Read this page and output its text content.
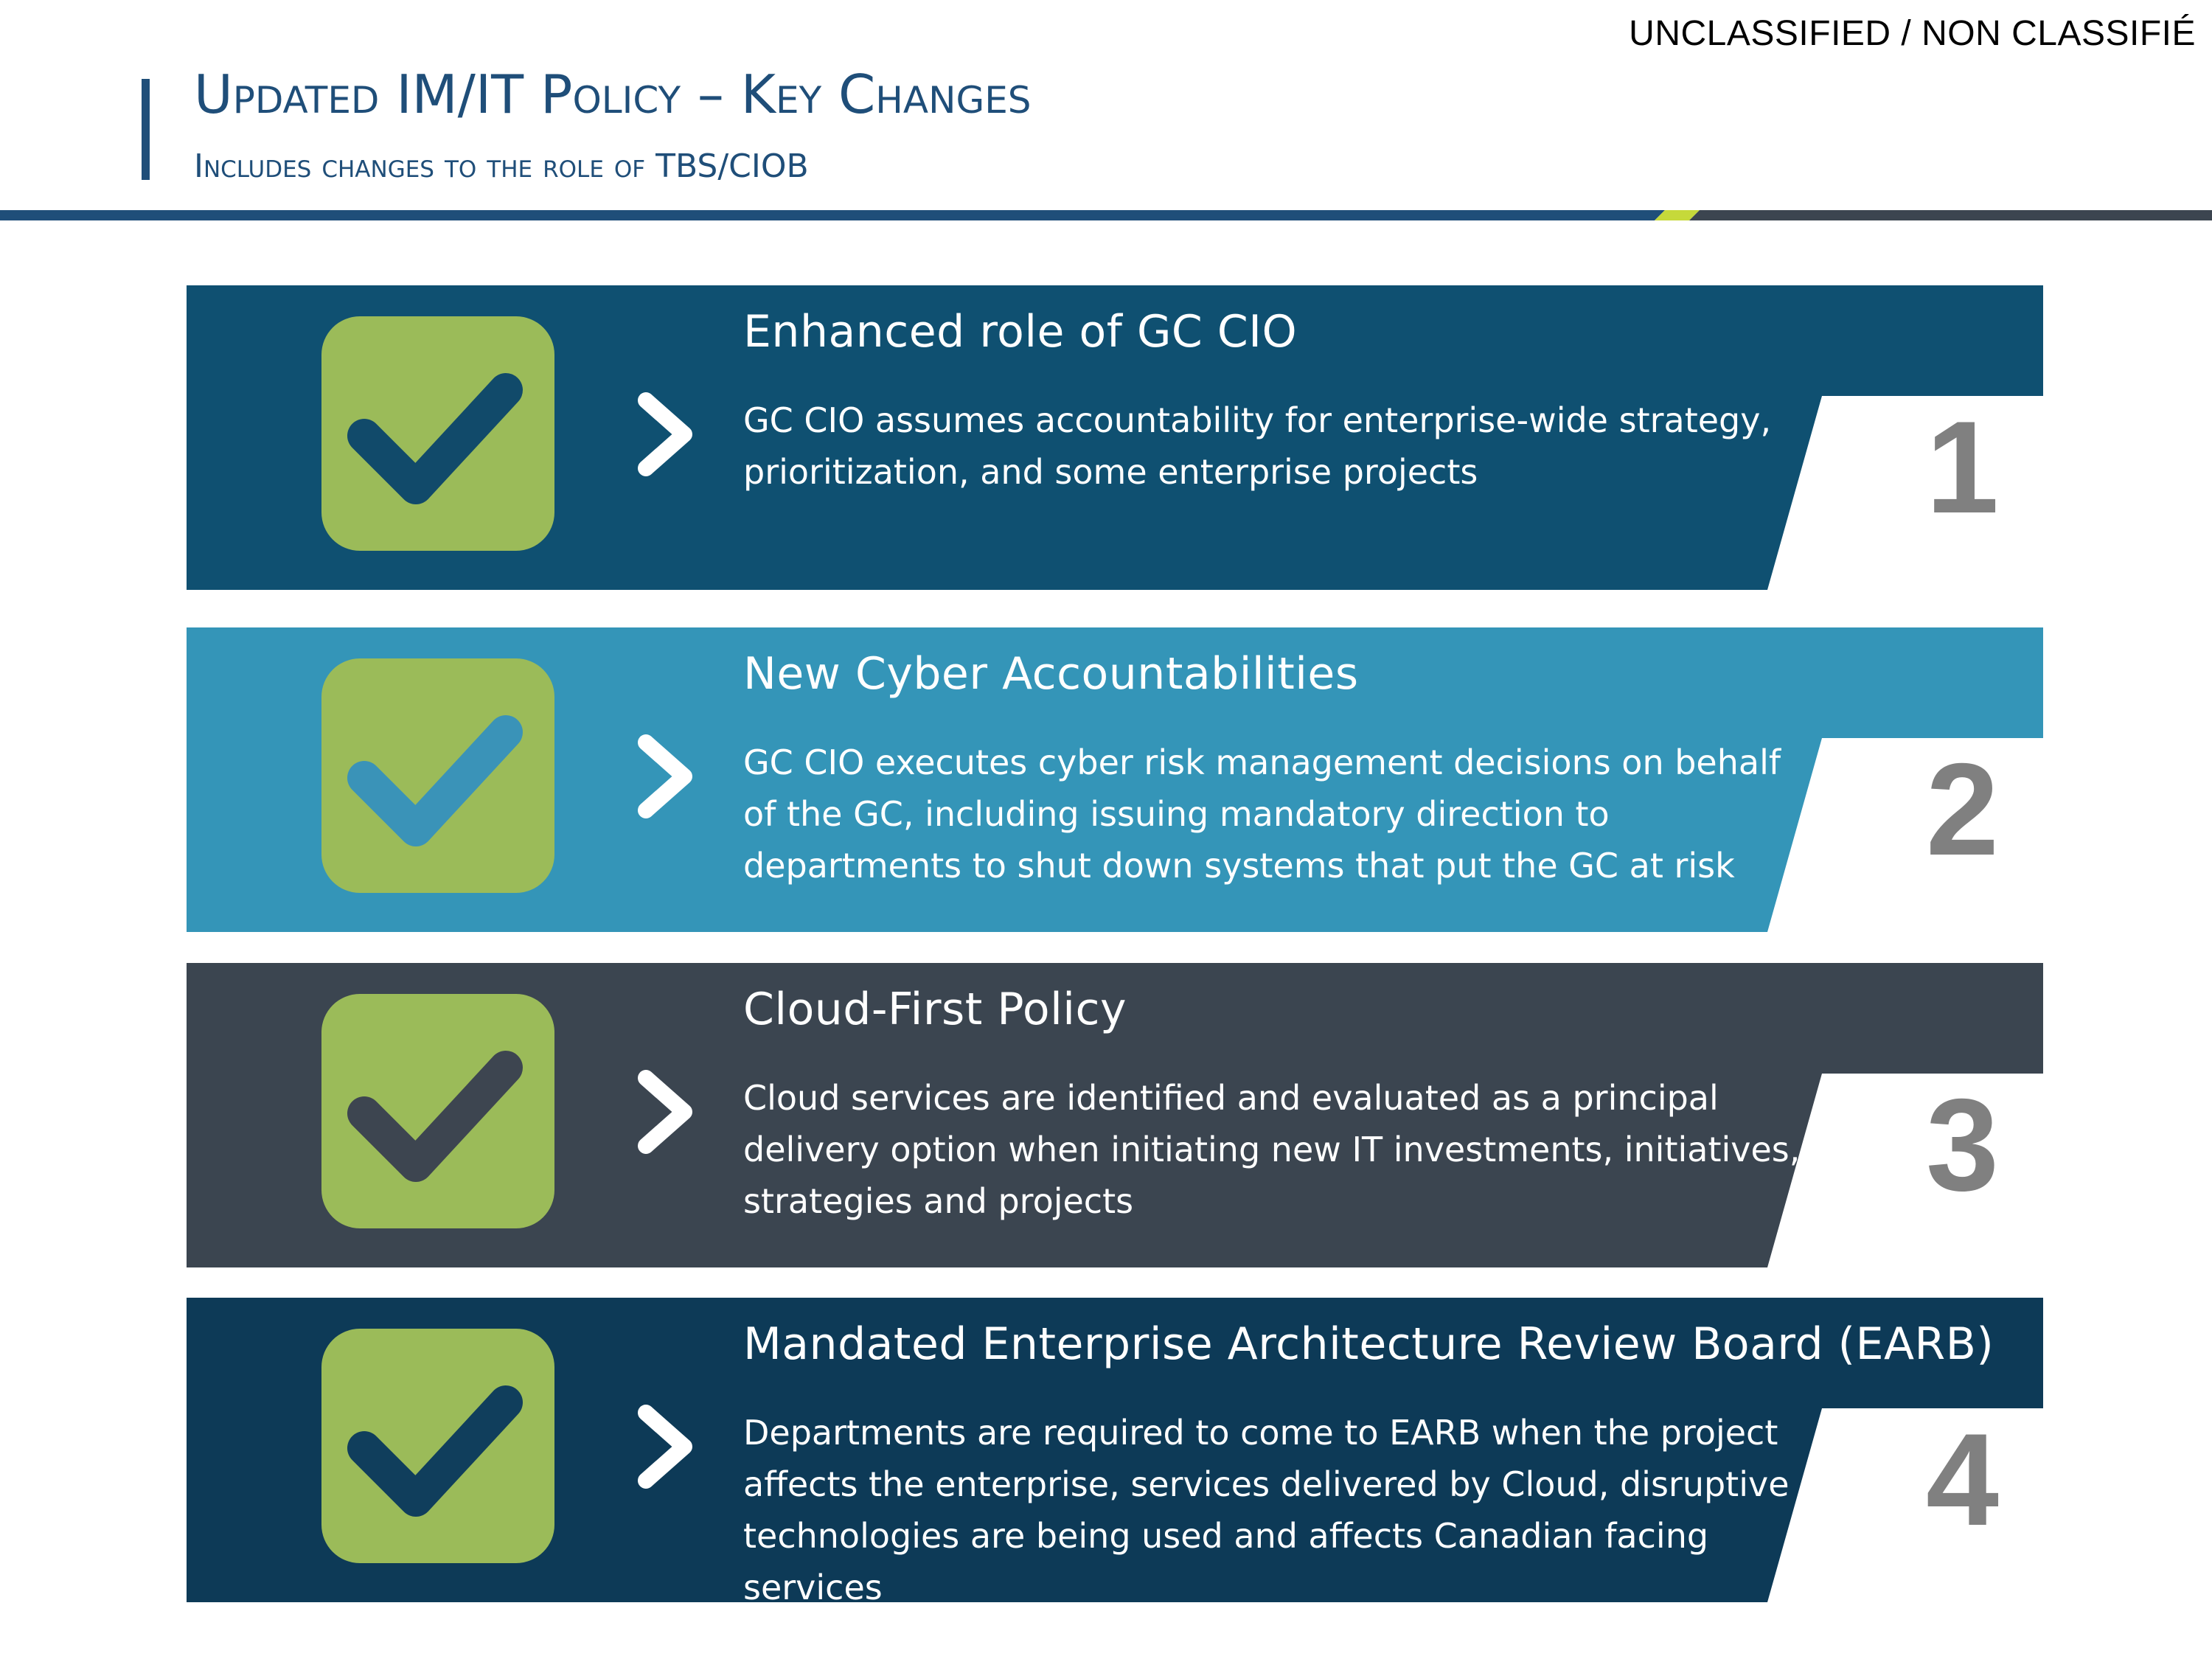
UNCLASSIFIED / NON CLASSIFIÉ
Updated IM/IT Policy – Key Changes
Includes changes to the role of TBS/CIOB
Enhanced role of GC CIO
GC CIO assumes accountability for enterprise-wide strategy, prioritization, and some enterprise projects	1
New Cyber Accountabilities
GC CIO executes cyber risk management decisions on behalf of the GC, including issuing mandatory direction to departments to shut down systems that put the GC at risk	2
Cloud-First Policy
Cloud services are identified and evaluated as a principal delivery option when initiating new IT investments, initiatives, strategies and projects	3
Mandated Enterprise Architecture Review Board (EARB)
Departments are required to come to EARB when the project affects the enterprise, services delivered by Cloud, disruptive technologies are being used and affects Canadian facing services
4
